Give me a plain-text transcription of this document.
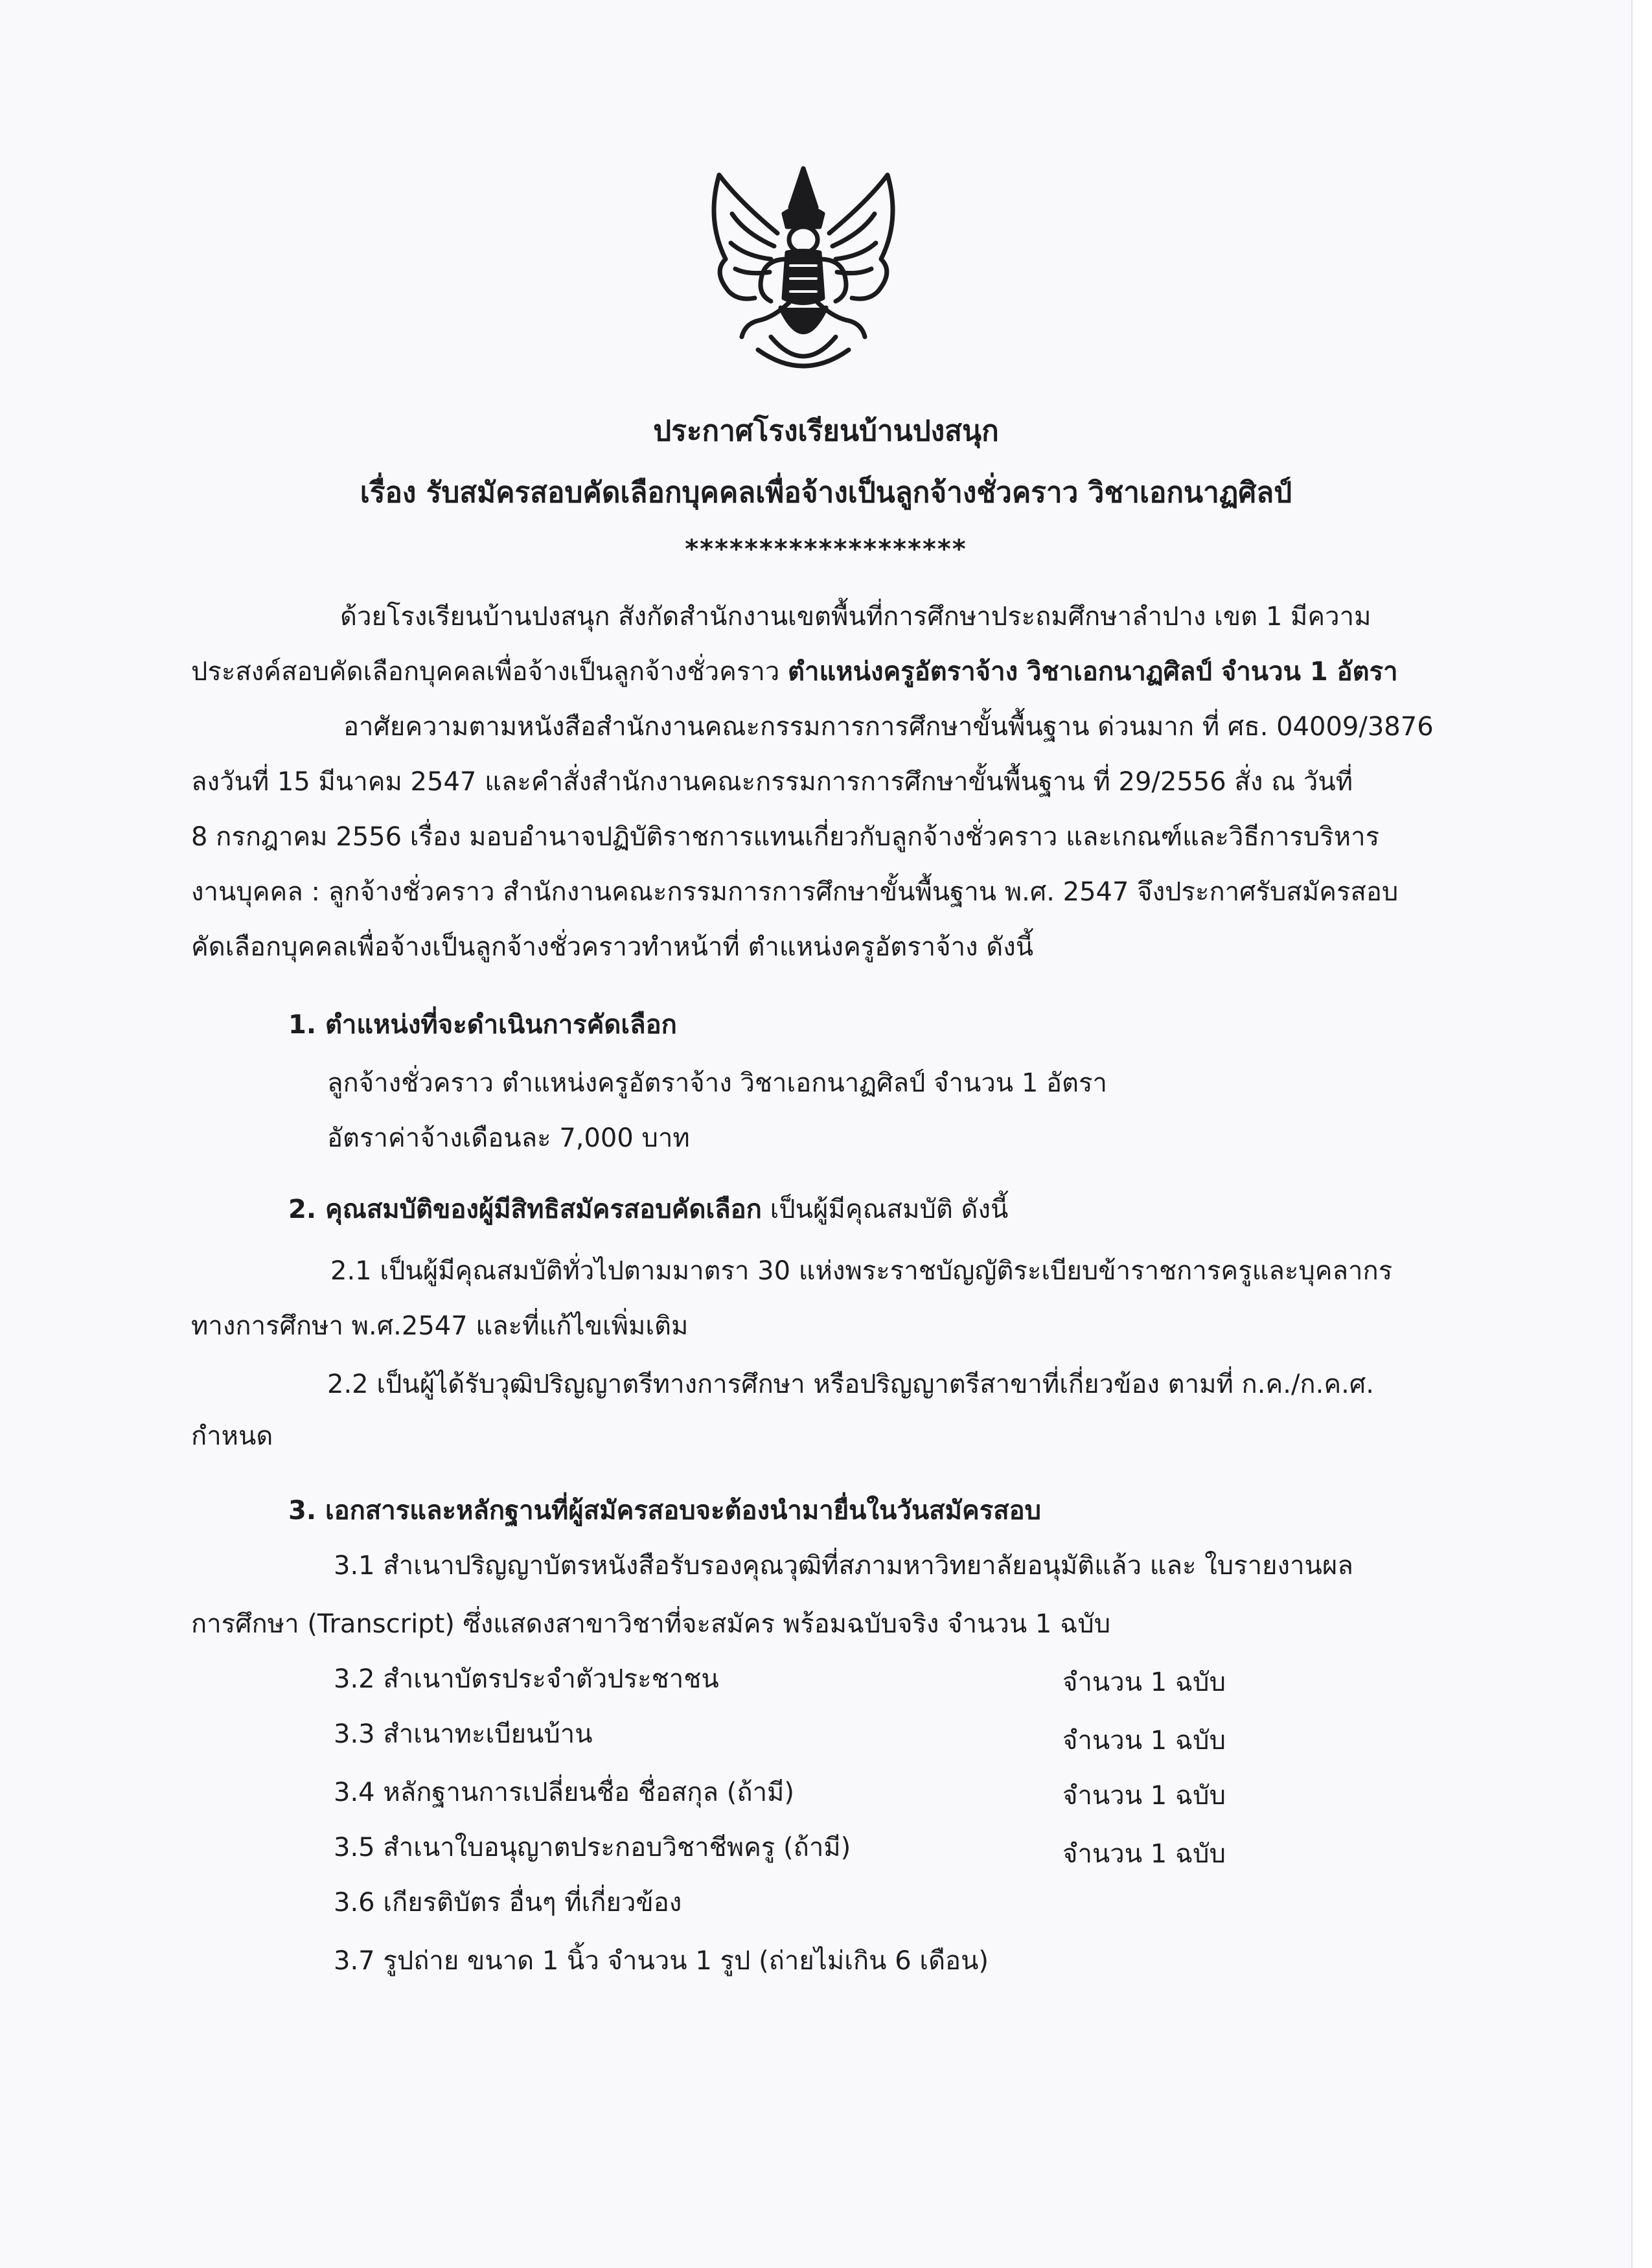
ประกาศโรงเรียนบ้านปงสนุก
เรื่อง รับสมัครสอบคัดเลือกบุคคลเพื่อจ้างเป็นลูกจ้างชั่วคราว วิชาเอกนาฏศิลป์
*******************
ด้วยโรงเรียนบ้านปงสนุก สังกัดสำนักงานเขตพื้นที่การศึกษาประถมศึกษาลำปาง เขต 1 มีความ
ประสงค์สอบคัดเลือกบุคคลเพื่อจ้างเป็นลูกจ้างชั่วคราว ตำแหน่งครูอัตราจ้าง วิชาเอกนาฏศิลป์ จำนวน 1 อัตรา
อาศัยความตามหนังสือสำนักงานคณะกรรมการการศึกษาขั้นพื้นฐาน ด่วนมาก ที่ ศธ. 04009/3876
ลงวันที่ 15 มีนาคม 2547 และคำสั่งสำนักงานคณะกรรมการการศึกษาขั้นพื้นฐาน ที่ 29/2556 สั่ง ณ วันที่
8 กรกฎาคม 2556 เรื่อง มอบอำนาจปฏิบัติราชการแทนเกี่ยวกับลูกจ้างชั่วคราว และเกณฑ์และวิธีการบริหาร
งานบุคคล : ลูกจ้างชั่วคราว สำนักงานคณะกรรมการการศึกษาขั้นพื้นฐาน พ.ศ. 2547 จึงประกาศรับสมัครสอบ
คัดเลือกบุคคลเพื่อจ้างเป็นลูกจ้างชั่วคราวทำหน้าที่ ตำแหน่งครูอัตราจ้าง ดังนี้
1. ตำแหน่งที่จะดำเนินการคัดเลือก
ลูกจ้างชั่วคราว ตำแหน่งครูอัตราจ้าง วิชาเอกนาฏศิลป์ จำนวน 1 อัตรา
อัตราค่าจ้างเดือนละ 7,000 บาท
2. คุณสมบัติของผู้มีสิทธิสมัครสอบคัดเลือก เป็นผู้มีคุณสมบัติ ดังนี้
2.1 เป็นผู้มีคุณสมบัติทั่วไปตามมาตรา 30 แห่งพระราชบัญญัติระเบียบข้าราชการครูและบุคลากร
ทางการศึกษา พ.ศ.2547 และที่แก้ไขเพิ่มเติม
2.2 เป็นผู้ได้รับวุฒิปริญญาตรีทางการศึกษา หรือปริญญาตรีสาขาที่เกี่ยวข้อง ตามที่ ก.ค./ก.ค.ศ.
กำหนด
3. เอกสารและหลักฐานที่ผู้สมัครสอบจะต้องนำมายื่นในวันสมัครสอบ
3.1 สำเนาปริญญาบัตรหนังสือรับรองคุณวุฒิที่สภามหาวิทยาลัยอนุมัติแล้ว และ ใบรายงานผล
การศึกษา (Transcript) ซึ่งแสดงสาขาวิชาที่จะสมัคร พร้อมฉบับจริง จำนวน 1 ฉบับ
3.2 สำเนาบัตรประจำตัวประชาชน	จำนวน 1 ฉบับ
3.3 สำเนาทะเบียนบ้าน	จำนวน 1 ฉบับ
3.4 หลักฐานการเปลี่ยนชื่อ ชื่อสกุล (ถ้ามี)	จำนวน 1 ฉบับ
3.5 สำเนาใบอนุญาตประกอบวิชาชีพครู (ถ้ามี)	จำนวน 1 ฉบับ
3.6 เกียรติบัตร อื่นๆ ที่เกี่ยวข้อง
3.7 รูปถ่าย ขนาด 1 นิ้ว จำนวน 1 รูป (ถ่ายไม่เกิน 6 เดือน)
